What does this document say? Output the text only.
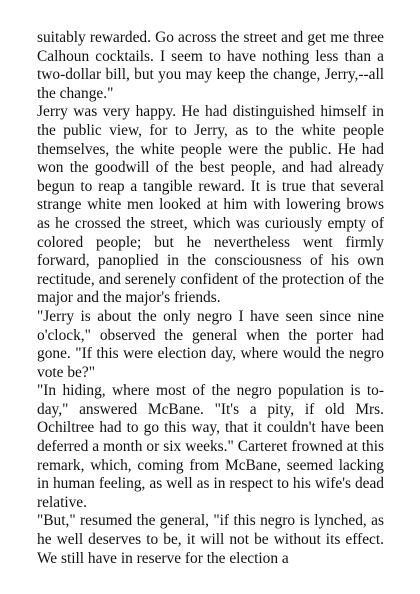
suitably rewarded. Go across the street and get me three Calhoun cocktails. I seem to have nothing less than a two-dollar bill, but you may keep the change, Jerry,--all the change."

Jerry was very happy. He had distinguished himself in the public view, for to Jerry, as to the white people themselves, the white people were the public. He had won the goodwill of the best people, and had already begun to reap a tangible reward. It is true that several strange white men looked at him with lowering brows as he crossed the street, which was curiously empty of colored people; but he nevertheless went firmly forward, panoplied in the consciousness of his own rectitude, and serenely confident of the protection of the major and the major's friends.

"Jerry is about the only negro I have seen since nine o'clock," observed the general when the porter had gone. "If this were election day, where would the negro vote be?"

"In hiding, where most of the negro population is to-day," answered McBane. "It's a pity, if old Mrs. Ochiltree had to go this way, that it couldn't have been deferred a month or six weeks." Carteret frowned at this remark, which, coming from McBane, seemed lacking in human feeling, as well as in respect to his wife's dead relative.

"But," resumed the general, "if this negro is lynched, as he well deserves to be, it will not be without its effect. We still have in reserve for the election a
